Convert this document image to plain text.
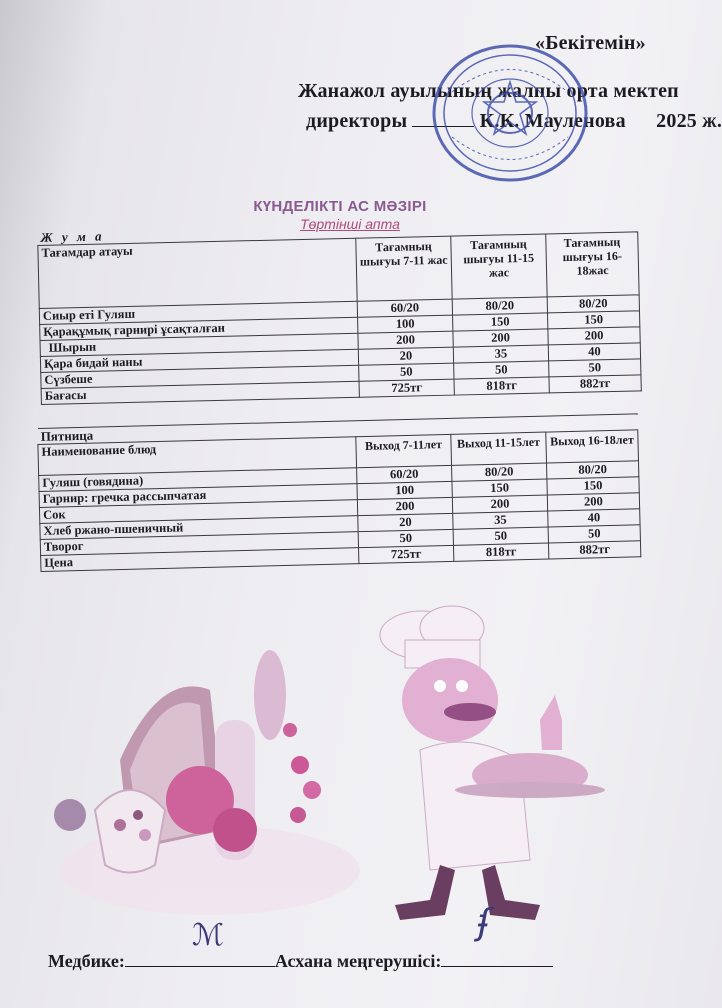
«Бекітемін»
Жанажол ауылының жалпы орта мектеп
директоры	К.К. Мауленова 2025 ж.
КҮНДЕЛІКТІ АС МӘЗІРІ
Төртінші апта
Ж у м а			
Тағамдар атауы	Тағамның шығуы 7-11 жас	Тағамның шығуы 11-15 жас	Тағамның шығуы 16-18жас
Сиыр еті Гуляш	60/20	80/20	80/20
Қарақұмық гарнирі ұсақталған	100	150	150
Шырын	200	200	200
Қара бидай наны	20	35	40
Сүзбеше	50	50	50
Бағасы	725тг	818тг	882тг
Пятница			
Наименование блюд	Выход 7-11лет	Выход 11-15лет	Выход 16-18лет
Гуляш (говядина)	60/20	80/20	80/20
Гарнир: гречка рассыпчатая	100	150	150
Сок	200	200	200
Хлеб ржано-пшеничный	20	35	40
Творог	50	50	50
Цена	725тг	818тг	882тг
Медбике:	Асхана меңгерушісі:
ℳ	ʄ
